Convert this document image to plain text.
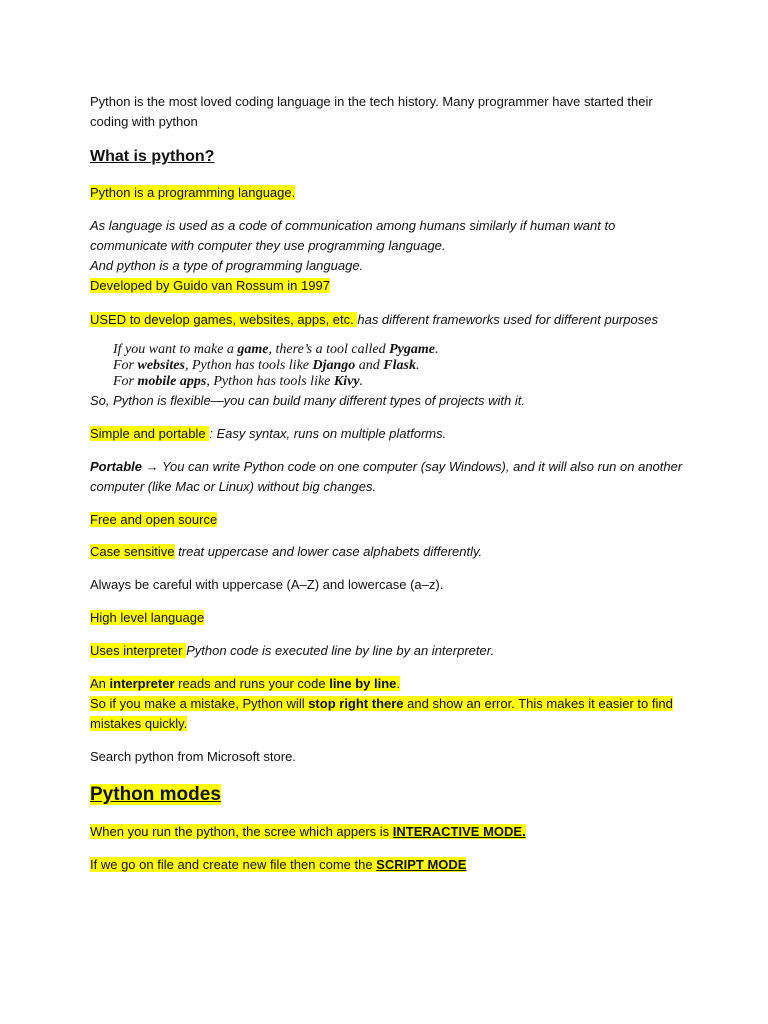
Python is the most loved coding language in the tech history. Many programmer have started their
coding with python
What is python?
Python is a programming language.
As language is used as a code of communication among humans similarly if human want to
communicate with computer they use programming language.
And python is a type of programming language.
Developed by Guido van Rossum in 1997
USED to develop games, websites, apps, etc. has different frameworks used for different purposes
If you want to make a game, there’s a tool called Pygame.
For websites, Python has tools like Django and Flask.
For mobile apps, Python has tools like Kivy.
So, Python is flexible—you can build many different types of projects with it.
Simple and portable : Easy syntax, runs on multiple platforms.
Portable → You can write Python code on one computer (say Windows), and it will also run on another
computer (like Mac or Linux) without big changes.
Free and open source
Case sensitive treat uppercase and lower case alphabets differently.
Always be careful with uppercase (A–Z) and lowercase (a–z).
High level language
Uses interpreter Python code is executed line by line by an interpreter.
An interpreter reads and runs your code line by line.
So if you make a mistake, Python will stop right there and show an error. This makes it easier to find
mistakes quickly.
Search python from Microsoft store.
Python modes
When you run the python, the scree which appers is INTERACTIVE MODE.
If we go on file and create new file then come the SCRIPT MODE
